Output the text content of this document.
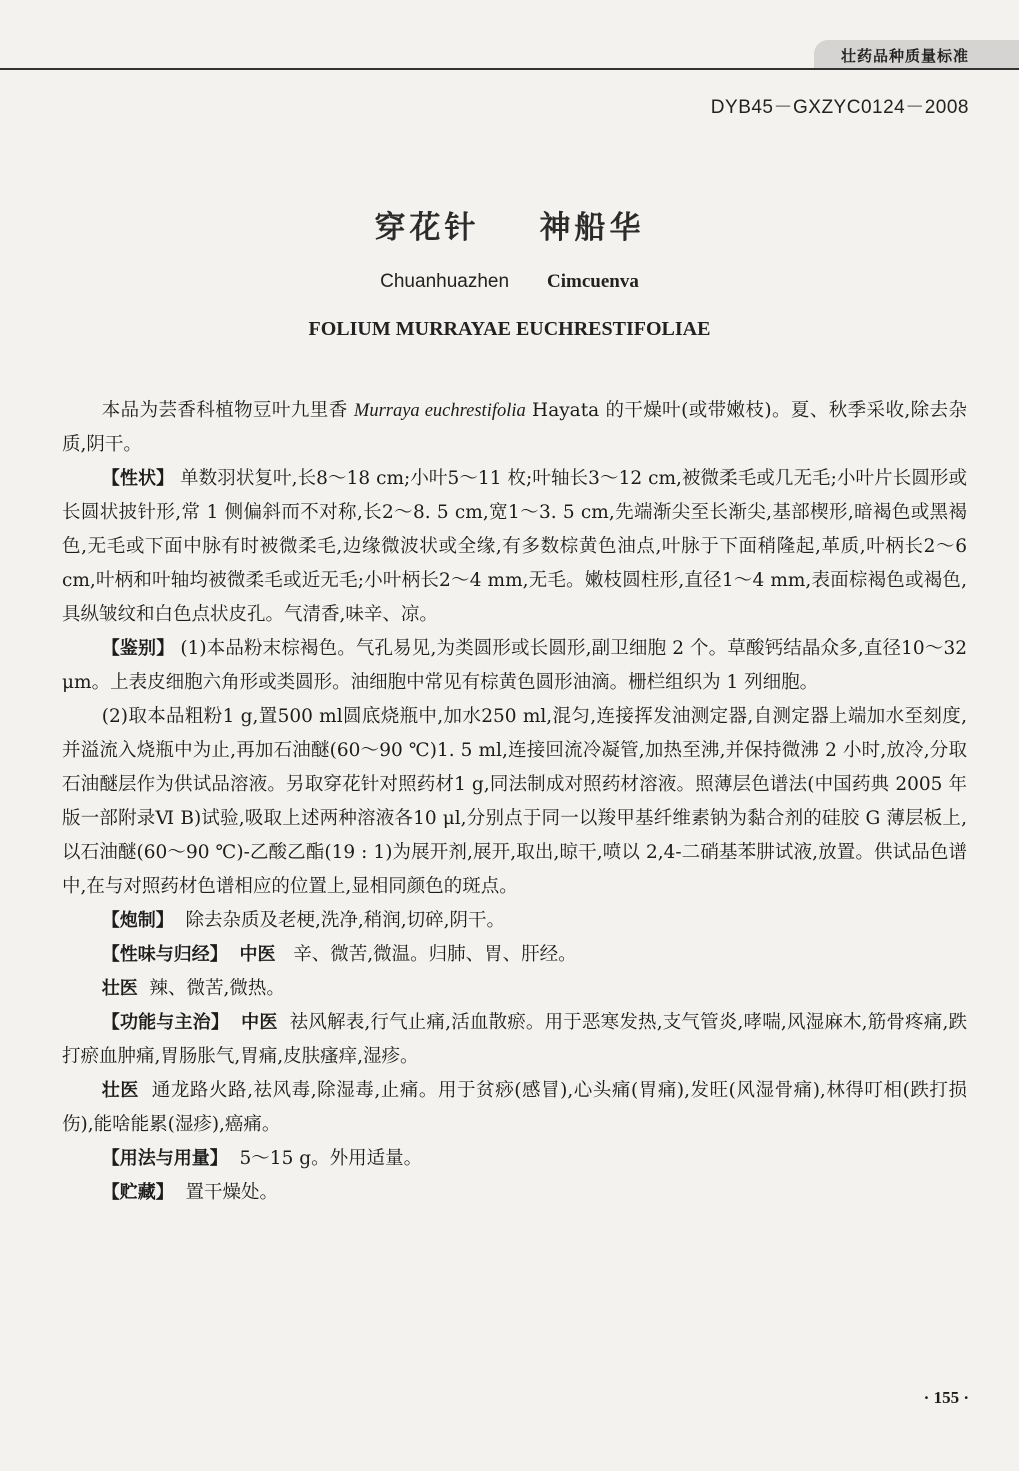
壮药品种质量标准
DYB45－GXZYC0124－2008
穿花针 神船华
Chuanhuazhen Cimcuenva
FOLIUM MURRAYAE EUCHRESTIFOLIAE

本品为芸香科植物豆叶九里香 Murraya euchrestifolia Hayata 的干燥叶(或带嫩枝)。夏、秋季采收,除去杂质,阴干。

【性状】 单数羽状复叶,长8～18 cm;小叶5～11 枚;叶轴长3～12 cm,被微柔毛或几无毛;小叶片长圆形或长圆状披针形,常 1 侧偏斜而不对称,长2～8. 5 cm,宽1～3. 5 cm,先端渐尖至长渐尖,基部楔形,暗褐色或黑褐色,无毛或下面中脉有时被微柔毛,边缘微波状或全缘,有多数棕黄色油点,叶脉于下面稍隆起,革质,叶柄长2～6 cm,叶柄和叶轴均被微柔毛或近无毛;小叶柄长2～4 mm,无毛。嫩枝圆柱形,直径1～4 mm,表面棕褐色或褐色,具纵皱纹和白色点状皮孔。气清香,味辛、凉。

【鉴别】 (1)本品粉末棕褐色。气孔易见,为类圆形或长圆形,副卫细胞 2 个。草酸钙结晶众多,直径10～32 μm。上表皮细胞六角形或类圆形。油细胞中常见有棕黄色圆形油滴。栅栏组织为 1 列细胞。

(2)取本品粗粉1 g,置500 ml圆底烧瓶中,加水250 ml,混匀,连接挥发油测定器,自测定器上端加水至刻度,并溢流入烧瓶中为止,再加石油醚(60～90 ℃)1. 5 ml,连接回流冷凝管,加热至沸,并保持微沸 2 小时,放冷,分取石油醚层作为供试品溶液。另取穿花针对照药材1 g,同法制成对照药材溶液。照薄层色谱法(中国药典 2005 年版一部附录Ⅵ B)试验,吸取上述两种溶液各10 μl,分别点于同一以羧甲基纤维素钠为黏合剂的硅胶 G 薄层板上,以石油醚(60～90 ℃)-乙酸乙酯(19 : 1)为展开剂,展开,取出,晾干,喷以 2,4-二硝基苯肼试液,放置。供试品色谱中,在与对照药材色谱相应的位置上,显相同颜色的斑点。

【炮制】 除去杂质及老梗,洗净,稍润,切碎,阴干。

【性味与归经】 中医 辛、微苦,微温。归肺、胃、肝经。

壮医 辣、微苦,微热。

【功能与主治】 中医 祛风解表,行气止痛,活血散瘀。用于恶寒发热,支气管炎,哮喘,风湿麻木,筋骨疼痛,跌打瘀血肿痛,胃肠胀气,胃痛,皮肤瘙痒,湿疹。

壮医 通龙路火路,祛风毒,除湿毒,止痛。用于贫痧(感冒),心头痛(胃痛),发旺(风湿骨痛),林得叮相(跌打损伤),能啥能累(湿疹),癌痛。

【用法与用量】 5～15 g。外用适量。

【贮藏】 置干燥处。

· 155 ·
